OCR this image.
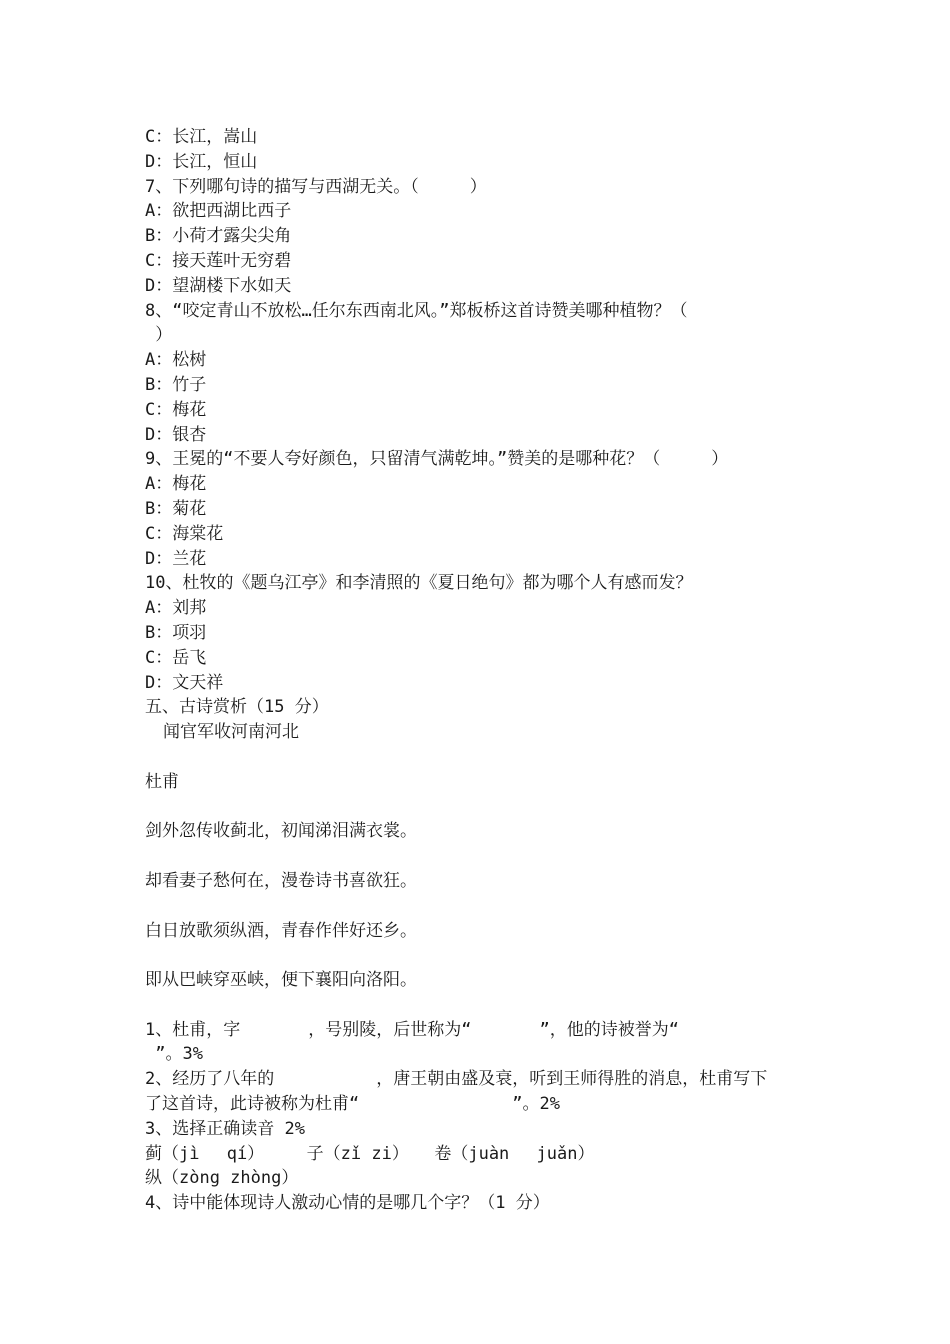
C：长江，嵩山

D：长江，恒山

7、下列哪句诗的描写与西湖无关。（　　　）

A：欲把西湖比西子

B：小荷才露尖尖角

C：接天莲叶无穷碧

D：望湖楼下水如天

8、“咬定青山不放松…任尔东西南北风。”郑板桥这首诗赞美哪种植物？（

）

A：松树

B：竹子

C：梅花

D：银杏

9、王冕的“不要人夸好颜色，只留清气满乾坤。”赞美的是哪种花？（　　　）

A：梅花

B：菊花

C：海棠花

D：兰花

10、杜牧的《题乌江亭》和李清照的《夏日绝句》都为哪个人有感而发？

A：刘邦

B：项羽

C：岳飞

D：文天祥

五、古诗赏析（15 分）

闻官军收河南河北

杜甫

剑外忽传收蓟北，初闻涕泪满衣裳。

却看妻子愁何在，漫卷诗书喜欲狂。

白日放歌须纵酒，青春作伴好还乡。

即从巴峡穿巫峡，便下襄阳向洛阳。

1、杜甫，字　　　　，号别陵，后世称为“　　　　”，他的诗被誉为“

”。3%

2、经历了八年的　　　　　　，唐王朝由盛及衰，听到王师得胜的消息，杜甫写下

了这首诗，此诗被称为杜甫“　　　　　　　　　”。2%

3、选择正确读音 2%

蓟（jì　 qí）　　　子（zǐ zi）　　卷（juàn　 juǎn）

纵（zòng zhòng）

4、诗中能体现诗人激动心情的是哪几个字？（1 分）
